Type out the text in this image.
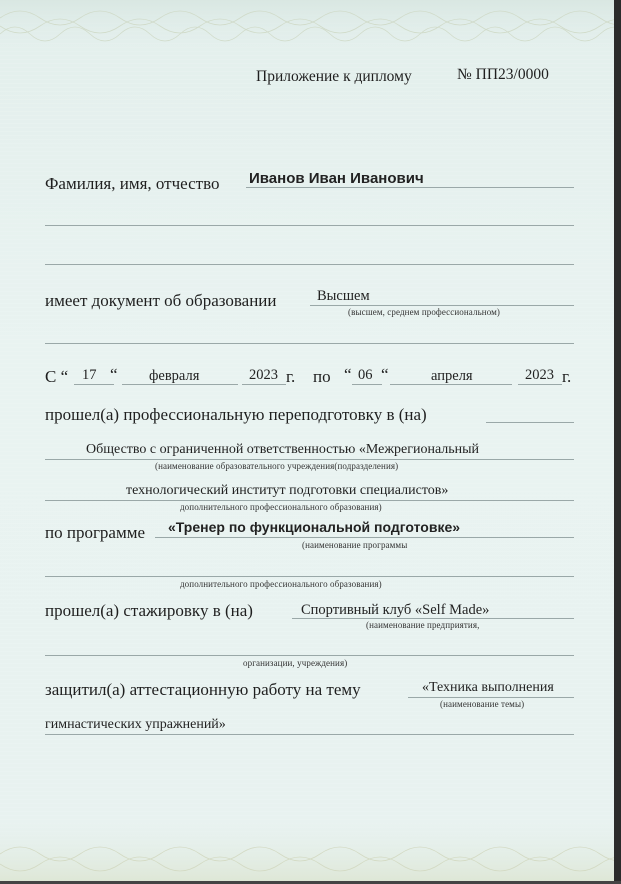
Приложение к диплому	№ ПП23/0000
Фамилия, имя, отчество Иванов Иван Иванович
имеет документ об образовании	Высшем
(высшем, среднем профессиональном)
С “ 17 “ февраля	2023 г. по “ 06 “	апреля	2023 г.
прошел(а) профессиональную переподготовку в (на)
Общество с ограниченной ответственностью «Межрегиональный
(наименование образовательного учреждения(подразделения)
технологический институт подготовки специалистов»
дополнительного профессионального образования)
по программе «Тренер по функциональной подготовке»
(наименование программы
дополнительного профессионального образования)
прошел(а) стажировку в (на)	Спортивный клуб «Self Made»
(наименование предприятия,
организации, учреждения)
защитил(а) аттестационную работу на тему	«Техника выполнения
(наименование темы)
гимнастических упражнений»
